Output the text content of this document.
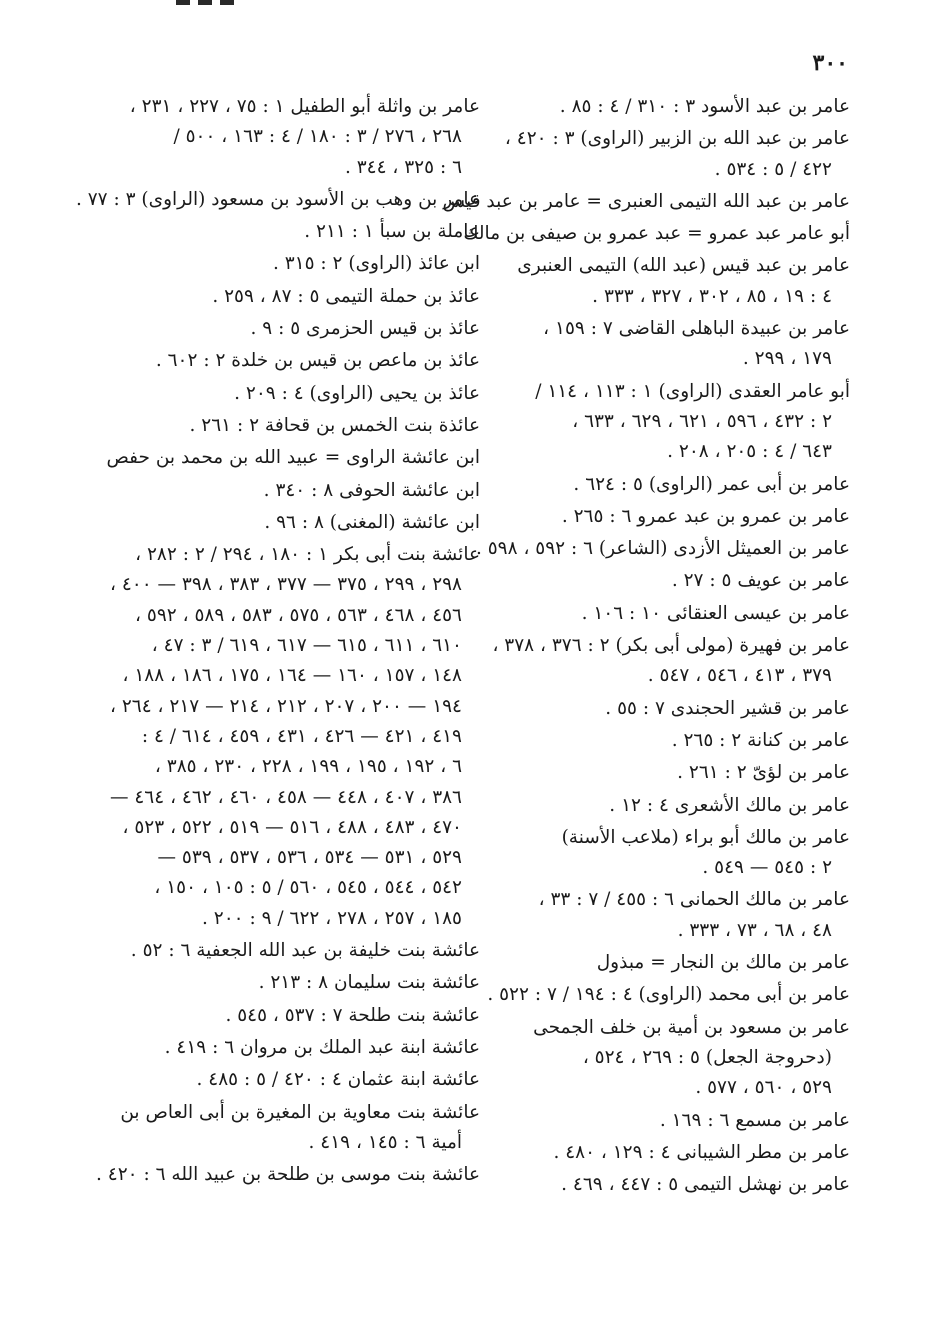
٣٠٠
عامر بن عبد الأسود ٣ : ٣١٠ / ٤ : ٨٥ .
عامر بن عبد الله بن الزبير (الراوى) ٣ : ٤٢٠ ،
٤٢٢ / ٥ : ٥٣٤ .
عامر بن عبد الله التيمى العنبرى = عامر بن عبد قيس
أبو عامر عبد عمرو = عبد عمرو بن صيفى بن مالك
عامر بن عبد قيس (عبد الله) التيمى العنبرى
٤ : ١٩ ، ٨٥ ، ٣٠٢ ، ٣٢٧ ، ٣٣٣ .
عامر بن عبيدة الباهلى القاضى ٧ : ١٥٩ ،
١٧٩ ، ٢٩٩ .
أبو عامر العقدى (الراوى) ١ : ١١٣ ، ١١٤ /
٢ : ٤٣٢ ، ٥٩٦ ، ٦٢١ ، ٦٢٩ ، ٦٣٣ ،
٦٤٣ / ٤ : ٢٠٥ ، ٢٠٨ .
عامر بن أبى عمر (الراوى) ٥ : ٦٢٤ .
عامر بن عمرو بن عبد عمرو ٦ : ٢٦٥ .
عامر بن العميثل الأزدى (الشاعر) ٦ : ٥٩٢ ، ٥٩٨ .
عامر بن عويف ٥ : ٢٧ .
عامر بن عيسى العنقائى ١٠ : ١٠٦ .
عامر بن فهيرة (مولى أبى بكر) ٢ : ٣٧٦ ، ٣٧٨ ،
٣٧٩ ، ٤١٣ ، ٥٤٦ ، ٥٤٧ .
عامر بن قشير الحجندى ٧ : ٥٥ .
عامر بن كنانة ٢ : ٢٦٥ .
عامر بن لؤىّ ٢ : ٢٦١ .
عامر بن مالك الأشعرى ٤ : ١٢ .
عامر بن مالك أبو براء (ملاعب الأسنة)
٢ : ٥٤٥ — ٥٤٩ .
عامر بن مالك الحمانى ٦ : ٤٥٥ / ٧ : ٣٣ ،
٤٨ ، ٦٨ ، ٧٣ ، ٣٣٣ .
عامر بن مالك بن النجار = مبذول
عامر بن أبى محمد (الراوى) ٤ : ١٩٤ / ٧ : ٥٢٢ .
عامر بن مسعود بن أمية بن خلف الجمحى
(دحروجة الجعل) ٥ : ٢٦٩ ، ٥٢٤ ،
٥٢٩ ، ٥٦٠ ، ٥٧٧ .
عامر بن مسمع ٦ : ١٦٩ .
عامر بن مطر الشيبانى ٤ : ١٢٩ ، ٤٨٠ .
عامر بن نهشل التيمى ٥ : ٤٤٧ ، ٤٦٩ .
عامر بن واثلة أبو الطفيل ١ : ٧٥ ، ٢٢٧ ، ٢٣١ ،
٢٦٨ ، ٢٧٦ / ٣ : ١٨٠ / ٤ : ١٦٣ ، ٥٠٠ /
٦ : ٣٢٥ ، ٣٤٤ .
عامر بن وهب بن الأسود بن مسعود (الراوى) ٣ : ٧٧ .
عاملة بن سبأ ١ : ٢١١ .
ابن عائذ (الراوى) ٢ : ٣١٥ .
عائذ بن حملة التيمى ٥ : ٨٧ ، ٢٥٩ .
عائذ بن قيس الحزمرى ٥ : ٩ .
عائذ بن ماعص بن قيس بن خلدة ٢ : ٦٠٢ .
عائذ بن يحيى (الراوى) ٤ : ٢٠٩ .
عائذة بنت الخمس بن قحافة ٢ : ٢٦١ .
ابن عائشة الراوى = عبيد الله بن محمد بن حفص
ابن عائشة الحوفى ٨ : ٣٤٠ .
ابن عائشة (المغنى) ٨ : ٩٦ .
عائشة بنت أبى بكر ١ : ١٨٠ ، ٢٩٤ / ٢ : ٢٨٢ ،
٢٩٨ ، ٢٩٩ ، ٣٧٥ — ٣٧٧ ، ٣٨٣ ، ٣٩٨ — ٤٠٠ ،
٤٥٦ ، ٤٦٨ ، ٥٦٣ ، ٥٧٥ ، ٥٨٣ ، ٥٨٩ ، ٥٩٢ ،
٦١٠ ، ٦١١ ، ٦١٥ — ٦١٧ ، ٦١٩ / ٣ : ٤٧ ،
١٤٨ ، ١٥٧ ، ١٦٠ — ١٦٤ ، ١٧٥ ، ١٨٦ ، ١٨٨ ،
١٩٤ — ٢٠٠ ، ٢٠٧ ، ٢١٢ ، ٢١٤ — ٢١٧ ، ٢٦٤ ،
٤١٩ ، ٤٢١ — ٤٢٦ ، ٤٣١ ، ٤٥٩ ، ٦١٤ / ٤ :
٦ ، ١٩٢ ، ١٩٥ ، ١٩٩ ، ٢٢٨ ، ٢٣٠ ، ٣٨٥ ،
٣٨٦ ، ٤٠٧ ، ٤٤٨ — ٤٥٨ ، ٤٦٠ ، ٤٦٢ ، ٤٦٤ —
٤٧٠ ، ٤٨٣ ، ٤٨٨ ، ٥١٦ — ٥١٩ ، ٥٢٢ ، ٥٢٣ ،
٥٢٩ ، ٥٣١ — ٥٣٤ ، ٥٣٦ ، ٥٣٧ ، ٥٣٩ —
٥٤٢ ، ٥٤٤ ، ٥٤٥ ، ٥٦٠ / ٥ : ١٠٥ ، ١٥٠ ،
١٨٥ ، ٢٥٧ ، ٢٧٨ ، ٦٢٢ / ٩ : ٢٠٠ .
عائشة بنت خليفة بن عبد الله الجعفية ٦ : ٥٢ .
عائشة بنت سليمان ٨ : ٢١٣ .
عائشة بنت طلحة ٧ : ٥٣٧ ، ٥٤٥ .
عائشة ابنة عبد الملك بن مروان ٦ : ٤١٩ .
عائشة ابنة عثمان ٤ : ٤٢٠ / ٥ : ٤٨٥ .
عائشة بنت معاوية بن المغيرة بن أبى العاص بن
أمية ٦ : ١٤٥ ، ٤١٩ .
عائشة بنت موسى بن طلحة بن عبيد الله ٦ : ٤٢٠ .
